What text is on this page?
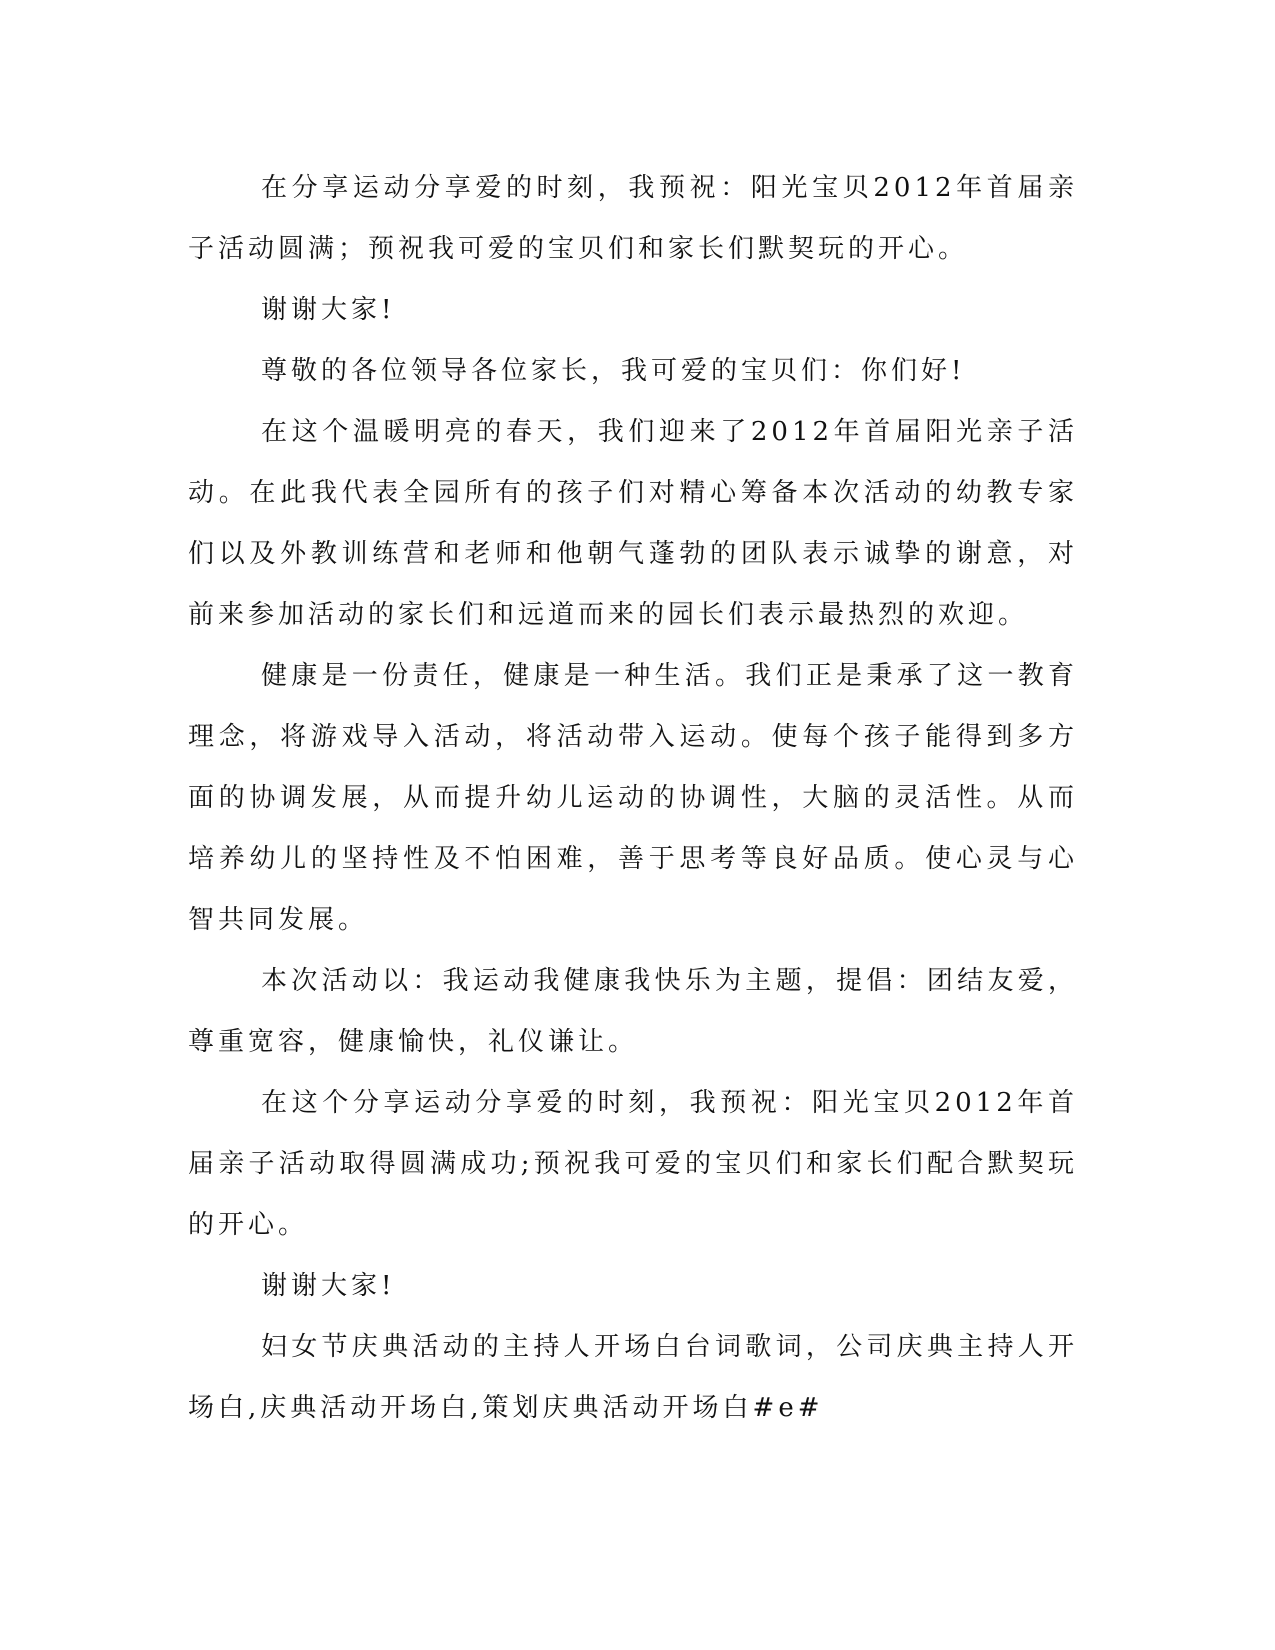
在分享运动分享爱的时刻，我预祝：阳光宝贝2012年首届亲子活动圆满；预祝我可爱的宝贝们和家长们默契玩的开心。

谢谢大家!

尊敬的各位领导各位家长，我可爱的宝贝们：你们好!

在这个温暖明亮的春天，我们迎来了2012年首届阳光亲子活动。在此我代表全园所有的孩子们对精心筹备本次活动的幼教专家们以及外教训练营和老师和他朝气蓬勃的团队表示诚挚的谢意，对前来参加活动的家长们和远道而来的园长们表示最热烈的欢迎。

健康是一份责任，健康是一种生活。我们正是秉承了这一教育理念，将游戏导入活动，将活动带入运动。使每个孩子能得到多方面的协调发展，从而提升幼儿运动的协调性，大脑的灵活性。从而培养幼儿的坚持性及不怕困难，善于思考等良好品质。使心灵与心智共同发展。

本次活动以：我运动我健康我快乐为主题，提倡：团结友爱，尊重宽容，健康愉快，礼仪谦让。

在这个分享运动分享爱的时刻，我预祝：阳光宝贝2012年首届亲子活动取得圆满成功;预祝我可爱的宝贝们和家长们配合默契玩的开心。

谢谢大家!

妇女节庆典活动的主持人开场白台词歌词，公司庆典主持人开场白,庆典活动开场白,策划庆典活动开场白#e#
